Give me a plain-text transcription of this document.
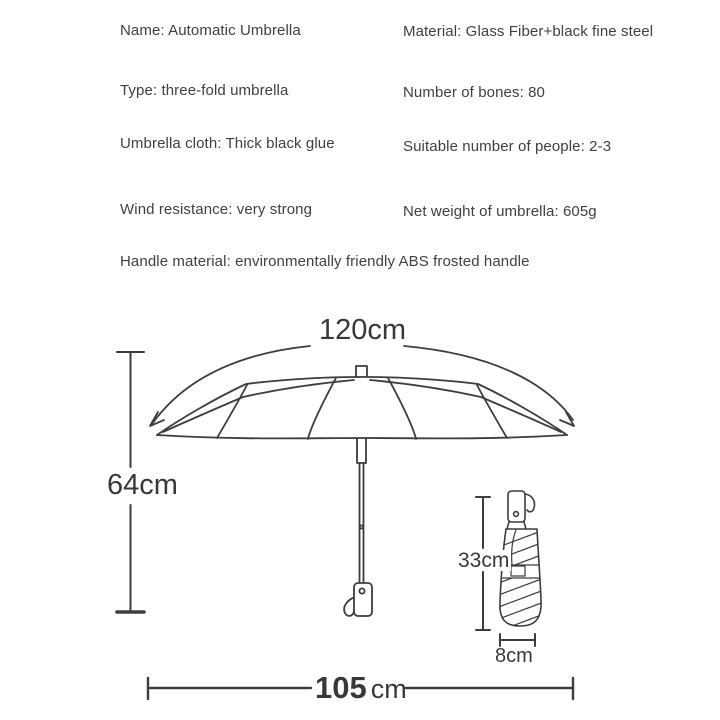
Name: Automatic Umbrella	Material: Glass Fiber+black fine steel
Type: three-fold umbrella	Number of bones: 80
Umbrella cloth: Thick black glue	Suitable number of people: 2-3
Wind resistance: very strong	Net weight of umbrella: 605g
Handle material: environmentally friendly ABS frosted handle
120cm
64cm
33cm
8cm
105 cm
